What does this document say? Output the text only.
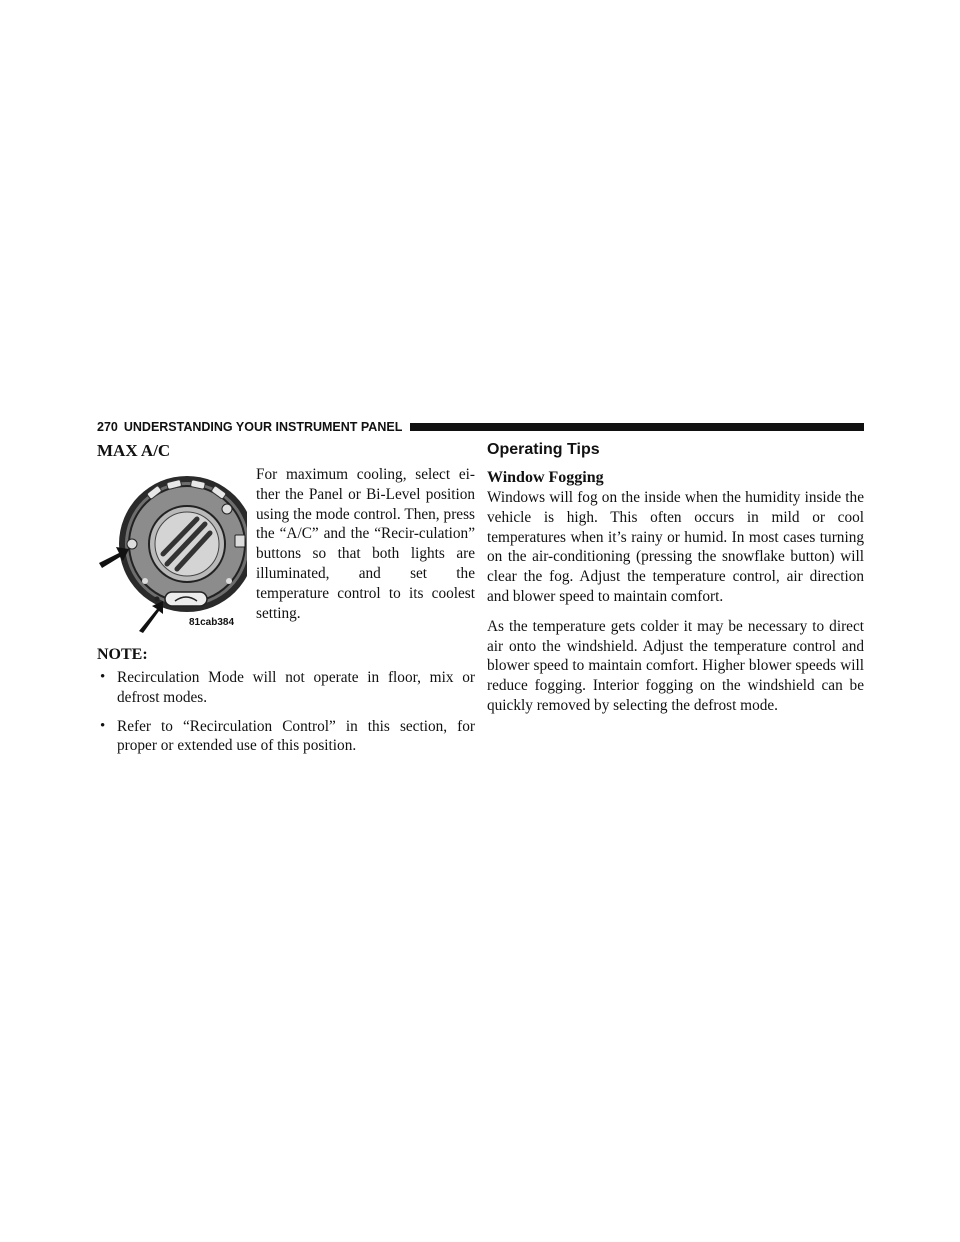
270 UNDERSTANDING YOUR INSTRUMENT PANEL
MAX A/C
81cab384

For maximum cooling, select ei-ther the Panel or Bi-Level position using the mode control. Then, press the “A/C” and the “Recir-culation” buttons so that both lights are illuminated, and set the temperature control to its coolest setting.

NOTE:
• Recirculation Mode will not operate in floor, mix or defrost modes.
• Refer to “Recirculation Control” in this section, for proper or extended use of this position.
Operating Tips
Window Fogging

Windows will fog on the inside when the humidity inside the vehicle is high. This often occurs in mild or cool temperatures when it’s rainy or humid. In most cases turning on the air-conditioning (pressing the snowflake button) will clear the fog. Adjust the temperature control, air direction and blower speed to maintain comfort.

As the temperature gets colder it may be necessary to direct air onto the windshield. Adjust the temperature control and blower speed to maintain comfort. Higher blower speeds will reduce fogging. Interior fogging on the windshield can be quickly removed by selecting the defrost mode.
